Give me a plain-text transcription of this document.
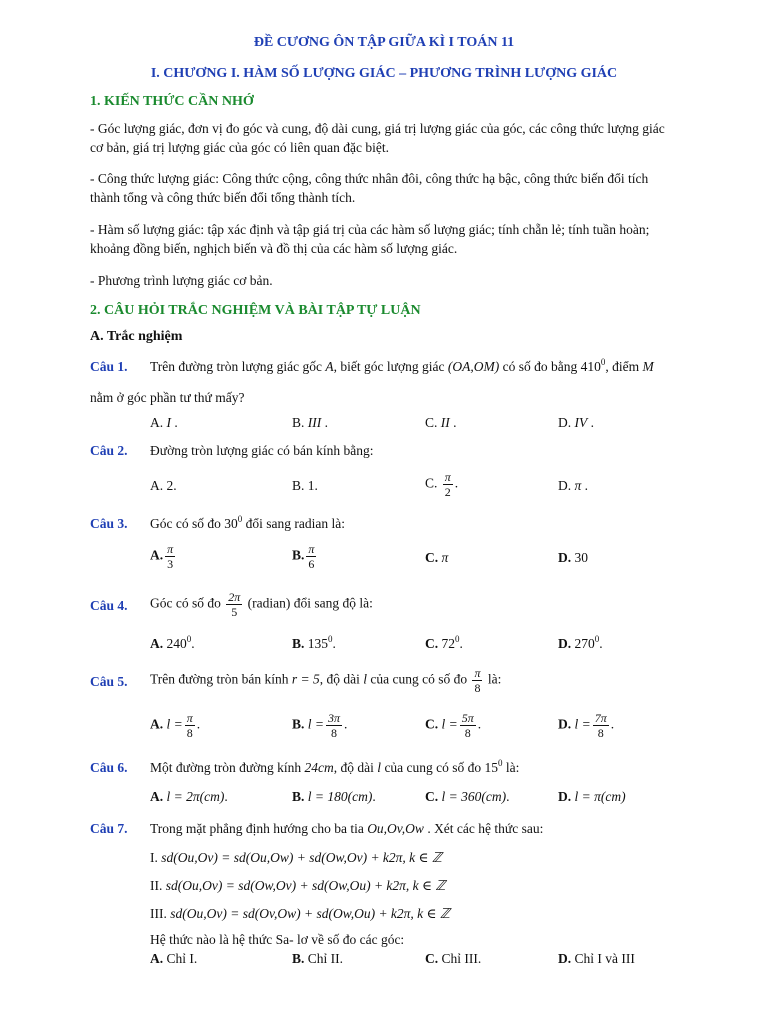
ĐỀ CƯƠNG ÔN TẬP GIỮA KÌ I TOÁN 11
I. CHƯƠNG I. HÀM SỐ LƯỢNG GIÁC – PHƯƠNG TRÌNH LƯỢNG GIÁC
1. KIẾN THỨC CẦN NHỚ
- Góc lượng giác, đơn vị đo góc và cung, độ dài cung, giá trị lượng giác của góc, các công thức lượng giác
cơ bản, giá trị lượng giác của góc có liên quan đặc biệt.
- Công thức lượng giác: Công thức cộng, công thức nhân đôi, công thức hạ bậc, công thức biến đổi tích
thành tổng và công thức biến đổi tổng thành tích.
- Hàm số lượng giác: tập xác định và tập giá trị của các hàm số lượng giác; tính chẵn lẻ; tính tuần hoàn;
khoảng đồng biến, nghịch biến và đồ thị của các hàm số lượng giác.
- Phương trình lượng giác cơ bản.
2. CÂU HỎI TRẮC NGHIỆM VÀ BÀI TẬP TỰ LUẬN
A. Trắc nghiệm
Câu 1. Trên đường tròn lượng giác gốc A, biết góc lượng giác (OA,OM) có số đo bằng $410^0$, điểm M
nằm ở góc phần tư thứ mấy?
A. I .	B. III .	C. II .	D. IV .
Câu 2. Đường tròn lượng giác có bán kính bằng:
A. 2.	B. 1.	C. $\frac{\pi}{2}$ .	D. π .
Câu 3. Góc có số đo $30^0$ đổi sang radian là:
A. $\frac{\pi}{3}$	B. $\frac{\pi}{6}$	C. π	D. 30
Câu 4. Góc có số đo $\frac{2\pi}{5}$ (radian) đổi sang độ là:
A. $240^0$.	B. $135^0$.	C. $72^0$.	D. $270^0$.
Câu 5. Trên đường tròn bán kính r = 5, độ dài l của cung có số đo $\frac{\pi}{8}$ là:
A. $l = \frac{\pi}{8}$ .	B. $l = \frac{3\pi}{8}$ .	C. $l = \frac{5\pi}{8}$ .	D. $l = \frac{7\pi}{8}$ .
Câu 6. Một đường tròn đường kính 24cm, độ dài l của cung có số đo $15^0$ là:
A. l = 2π(cm).	B. l = 180(cm).	C. l = 360(cm).	D. l = π(cm)
Câu 7. Trong mặt phẳng định hướng cho ba tia Ou,Ov,Ow . Xét các hệ thức sau:
I. sd(Ou,Ov) = sd(Ou,Ow) + sd(Ow,Ov) + k2π, k ∈ ℤ
II. sd(Ou,Ov) = sd(Ow,Ov) + sd(Ow,Ou) + k2π, k ∈ ℤ
III. sd(Ou,Ov) = sd(Ov,Ow) + sd(Ow,Ou) + k2π, k ∈ ℤ
Hệ thức nào là hệ thức Sa- lơ về số đo các góc:
A. Chỉ I.	B. Chỉ II.	C. Chỉ III.	D. Chỉ I và III
